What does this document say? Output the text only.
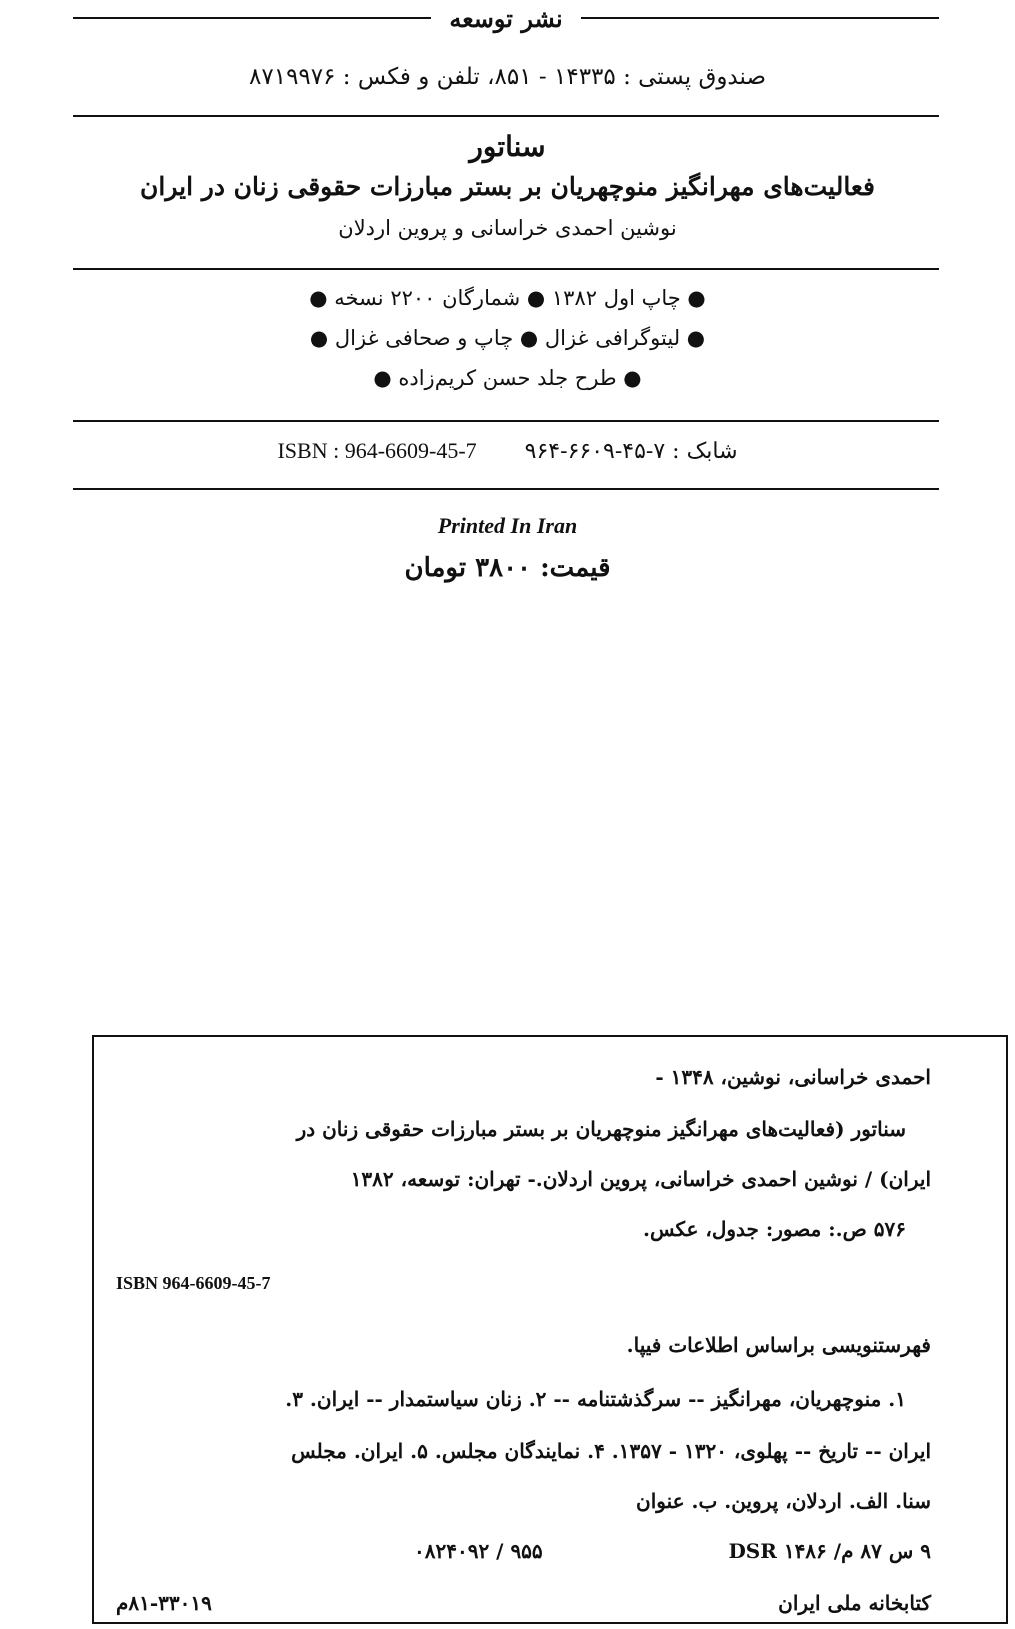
نشر توسعه
صندوق پستی : ۱۴۳۳۵ - ۸۵۱، تلفن و فکس : ۸۷۱۹۹۷۶
سناتور
فعالیت‌های مهرانگیز منوچهریان بر بستر مبارزات حقوقی زنان در ایران
نوشین احمدی خراسانی و پروین اردلان
● چاپ اول ۱۳۸۲ ● شمارگان ۲۲۰۰ نسخه ●
● لیتوگرافی غزال ● چاپ و صحافی غزال ●
● طرح جلد حسن کریم‌زاده ●
ISBN : 964-6609-45-7 شابک : ۷-۴۵-۶۶۰۹-۹۶۴
Printed In Iran
قیمت: ۳۸۰۰ تومان
احمدی خراسانی، نوشین، ۱۳۴۸ -
سناتور (فعالیت‌های مهرانگیز منوچهریان بر بستر مبارزات حقوقی زنان در
ایران) / نوشین احمدی خراسانی، پروین اردلان.- تهران: توسعه، ۱۳۸۲
۵۷۶ ص.: مصور: جدول، عکس.
ISBN 964-6609-45-7
فهرستنویسی براساس اطلاعات فیپا.
۱. منوچهریان، مهرانگیز -- سرگذشتنامه -- ۲. زنان سیاستمدار -- ایران. ۳.
ایران -- تاریخ -- پهلوی، ۱۳۲۰ - ۱۳۵۷. ۴. نمایندگان مجلس. ۵. ایران. مجلس
سنا. الف. اردلان، پروین. ب. عنوان
۹ س ۸۷ م/ DSR ۱۴۸۶
۹۵۵ / ۰۸۲۴۰۹۲
کتابخانه ملی ایران
۸۱-۳۳۰۱۹م
